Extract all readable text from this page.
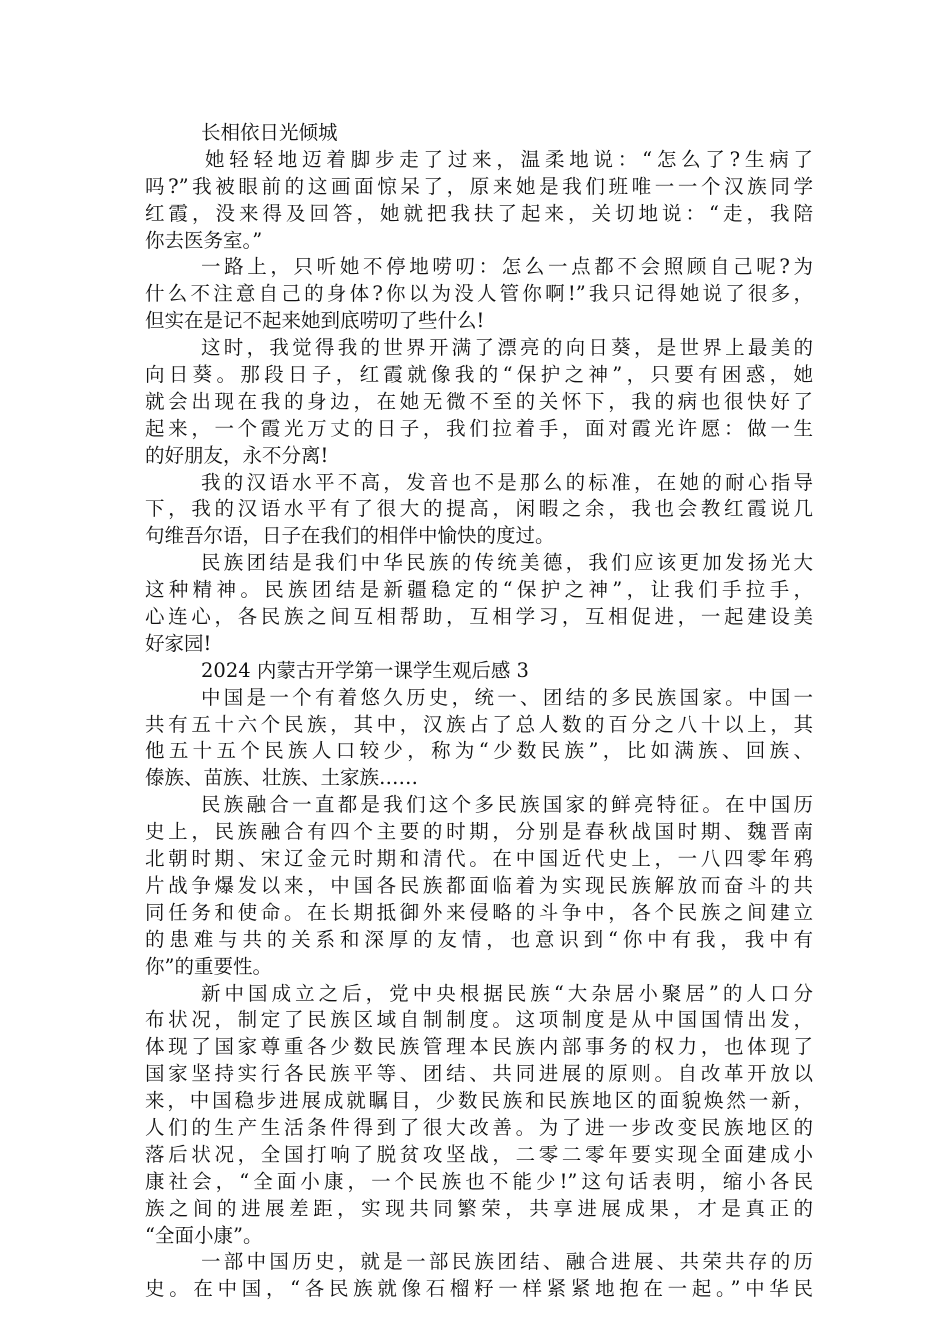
长相依日光倾城
她轻轻地迈着脚步走了过来，温柔地说：“怎么了?生病了
吗?”我被眼前的这画面惊呆了，原来她是我们班唯一一个汉族同学
红霞，没来得及回答，她就把我扶了起来，关切地说：“走，我陪
你去医务室。”
一路上，只听她不停地唠叨：怎么一点都不会照顾自己呢?为
什么不注意自己的身体?你以为没人管你啊!”我只记得她说了很多，
但实在是记不起来她到底唠叨了些什么!
这时，我觉得我的世界开满了漂亮的向日葵，是世界上最美的
向日葵。那段日子，红霞就像我的“保护之神”，只要有困惑，她
就会出现在我的身边，在她无微不至的关怀下，我的病也很快好了
起来，一个霞光万丈的日子，我们拉着手，面对霞光许愿：做一生
的好朋友，永不分离!
我的汉语水平不高，发音也不是那么的标准，在她的耐心指导
下，我的汉语水平有了很大的提高，闲暇之余，我也会教红霞说几
句维吾尔语，日子在我们的相伴中愉快的度过。
民族团结是我们中华民族的传统美德，我们应该更加发扬光大
这种精神。民族团结是新疆稳定的“保护之神”，让我们手拉手，
心连心，各民族之间互相帮助，互相学习，互相促进，一起建设美
好家园!
2024 内蒙古开学第一课学生观后感 3
中国是一个有着悠久历史，统一、团结的多民族国家。中国一
共有五十六个民族，其中，汉族占了总人数的百分之八十以上，其
他五十五个民族人口较少，称为“少数民族”，比如满族、回族、
傣族、苗族、壮族、土家族……
民族融合一直都是我们这个多民族国家的鲜亮特征。在中国历
史上，民族融合有四个主要的时期，分别是春秋战国时期、魏晋南
北朝时期、宋辽金元时期和清代。在中国近代史上，一八四零年鸦
片战争爆发以来，中国各民族都面临着为实现民族解放而奋斗的共
同任务和使命。在长期抵御外来侵略的斗争中，各个民族之间建立
的患难与共的关系和深厚的友情，也意识到“你中有我，我中有
你”的重要性。
新中国成立之后，党中央根据民族“大杂居小聚居”的人口分
布状况，制定了民族区域自制制度。这项制度是从中国国情出发，
体现了国家尊重各少数民族管理本民族内部事务的权力，也体现了
国家坚持实行各民族平等、团结、共同进展的原则。自改革开放以
来，中国稳步进展成就瞩目，少数民族和民族地区的面貌焕然一新，
人们的生产生活条件得到了很大改善。为了进一步改变民族地区的
落后状况，全国打响了脱贫攻坚战，二零二零年要实现全面建成小
康社会，“全面小康，一个民族也不能少!”这句话表明，缩小各民
族之间的进展差距，实现共同繁荣，共享进展成果，才是真正的
“全面小康”。
一部中国历史，就是一部民族团结、融合进展、共荣共存的历
史。在中国，“各民族就像石榴籽一样紧紧地抱在一起。”中华民
